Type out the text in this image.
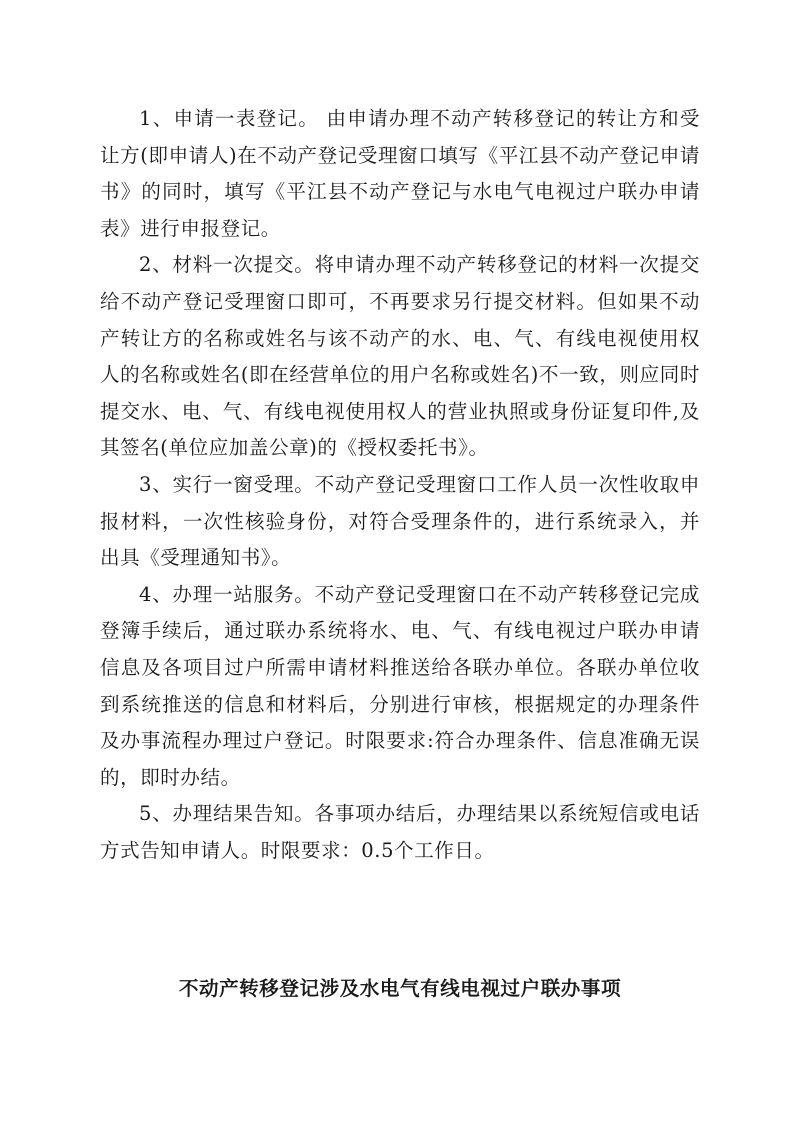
1、申请一表登记。 由申请办理不动产转移登记的转让方和受让方(即申请人)在不动产登记受理窗口填写《平江县不动产登记申请书》的同时，填写《平江县不动产登记与水电气电视过户联办申请表》进行申报登记。

2、材料一次提交。将申请办理不动产转移登记的材料一次提交给不动产登记受理窗口即可，不再要求另行提交材料。但如果不动产转让方的名称或姓名与该不动产的水、电、气、有线电视使用权人的名称或姓名(即在经营单位的用户名称或姓名)不一致，则应同时提交水、电、气、有线电视使用权人的营业执照或身份证复印件,及其签名(单位应加盖公章)的《授权委托书》。

3、实行一窗受理。不动产登记受理窗口工作人员一次性收取申报材料，一次性核验身份，对符合受理条件的，进行系统录入，并出具《受理通知书》。

4、办理一站服务。不动产登记受理窗口在不动产转移登记完成登簿手续后，通过联办系统将水、电、气、有线电视过户联办申请信息及各项目过户所需申请材料推送给各联办单位。各联办单位收到系统推送的信息和材料后，分别进行审核，根据规定的办理条件及办事流程办理过户登记。时限要求:符合办理条件、信息准确无误的，即时办结。

5、办理结果告知。各事项办结后，办理结果以系统短信或电话方式告知申请人。时限要求：0.5个工作日。

不动产转移登记涉及水电气有线电视过户联办事项
